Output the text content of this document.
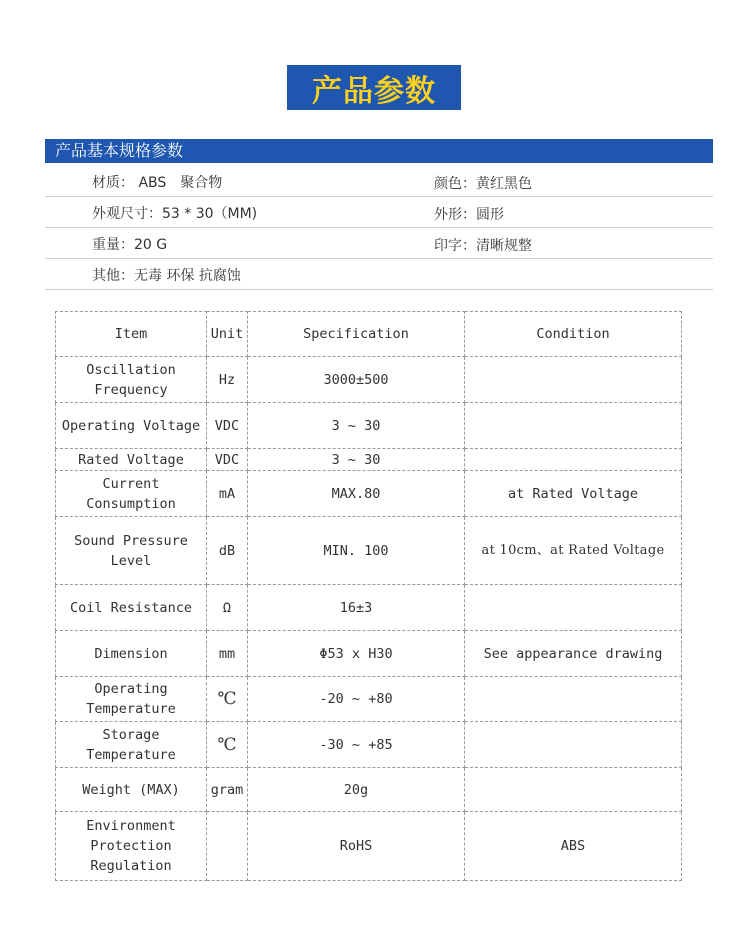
产品参数
产品基本规格参数
材质： ABS　聚合物	颜色：黄红黑色
外观尺寸：53 * 30（MM)	外形：圆形
重量：20 G	印字：清晰规整
其他：无毒 环保 抗腐蚀
Item	Unit	Specification	Condition
Oscillation Frequency	Hz	3000±500	
Operating Voltage	VDC	3 ~ 30	
Rated Voltage	VDC	3 ~ 30	
Current Consumption	mA	MAX.80	at Rated Voltage
Sound Pressure Level	dB	MIN. 100	at 10cm、at Rated Voltage
Coil Resistance	Ω	16±3	
Dimension	mm	Φ53 x H30	See appearance drawing
Operating Temperature	℃	-20 ~ +80	
Storage Temperature	℃	-30 ~ +85	
Weight (MAX)	gram	20g	
Environment Protection Regulation		RoHS	ABS
